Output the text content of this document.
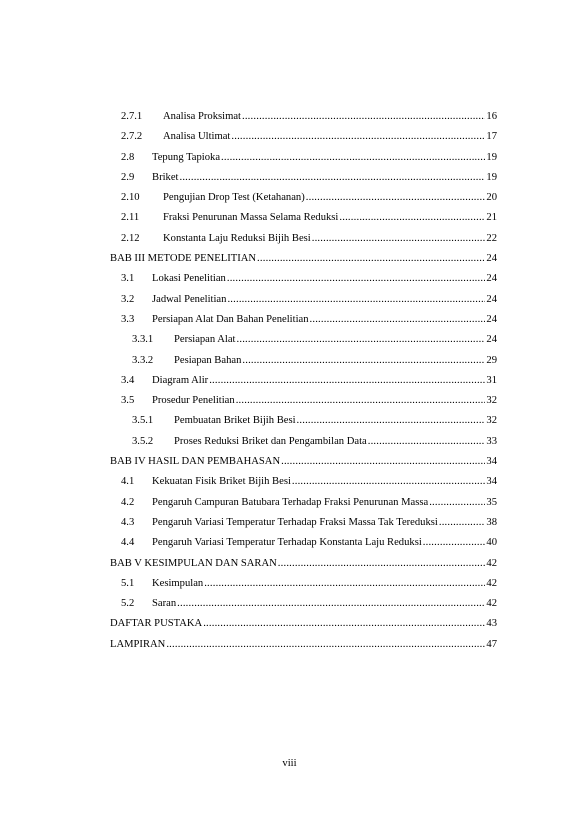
2.7.1	Analisa Proksimat .....	16
2.7.2	Analisa Ultimat .....	17
2.8	Tepung Tapioka .....	19
2.9	Briket .....	19
2.10	Pengujian Drop Test (Ketahanan) .....	20
2.11	Fraksi Penurunan Massa Selama Reduksi .....	21
2.12	Konstanta Laju Reduksi Bijih Besi .....	22
BAB III METODE PENELITIAN .....	24
3.1	Lokasi Penelitian .....	24
3.2	Jadwal Penelitian .....	24
3.3	Persiapan Alat Dan Bahan Penelitian .....	24
3.3.1	Persiapan Alat .....	24
3.3.2	Pesiapan Bahan .....	29
3.4	Diagram Alir .....	31
3.5	Prosedur Penelitian .....	32
3.5.1	Pembuatan Briket Bijih Besi .....	32
3.5.2	Proses Reduksi Briket dan Pengambilan Data .....	33
BAB IV HASIL DAN PEMBAHASAN .....	34
4.1	Kekuatan Fisik Briket Bijih Besi .....	34
4.2	Pengaruh Campuran Batubara Terhadap Fraksi Penurunan Massa .....	35
4.3	Pengaruh Variasi Temperatur Terhadap Fraksi Massa Tak Tereduksi .....	38
4.4	Pengaruh Variasi Temperatur Terhadap Konstanta Laju Reduksi .....	40
BAB V KESIMPULAN DAN SARAN .....	42
5.1	Kesimpulan .....	42
5.2	Saran .....	42
DAFTAR PUSTAKA .....	43
LAMPIRAN .....	47
viii
